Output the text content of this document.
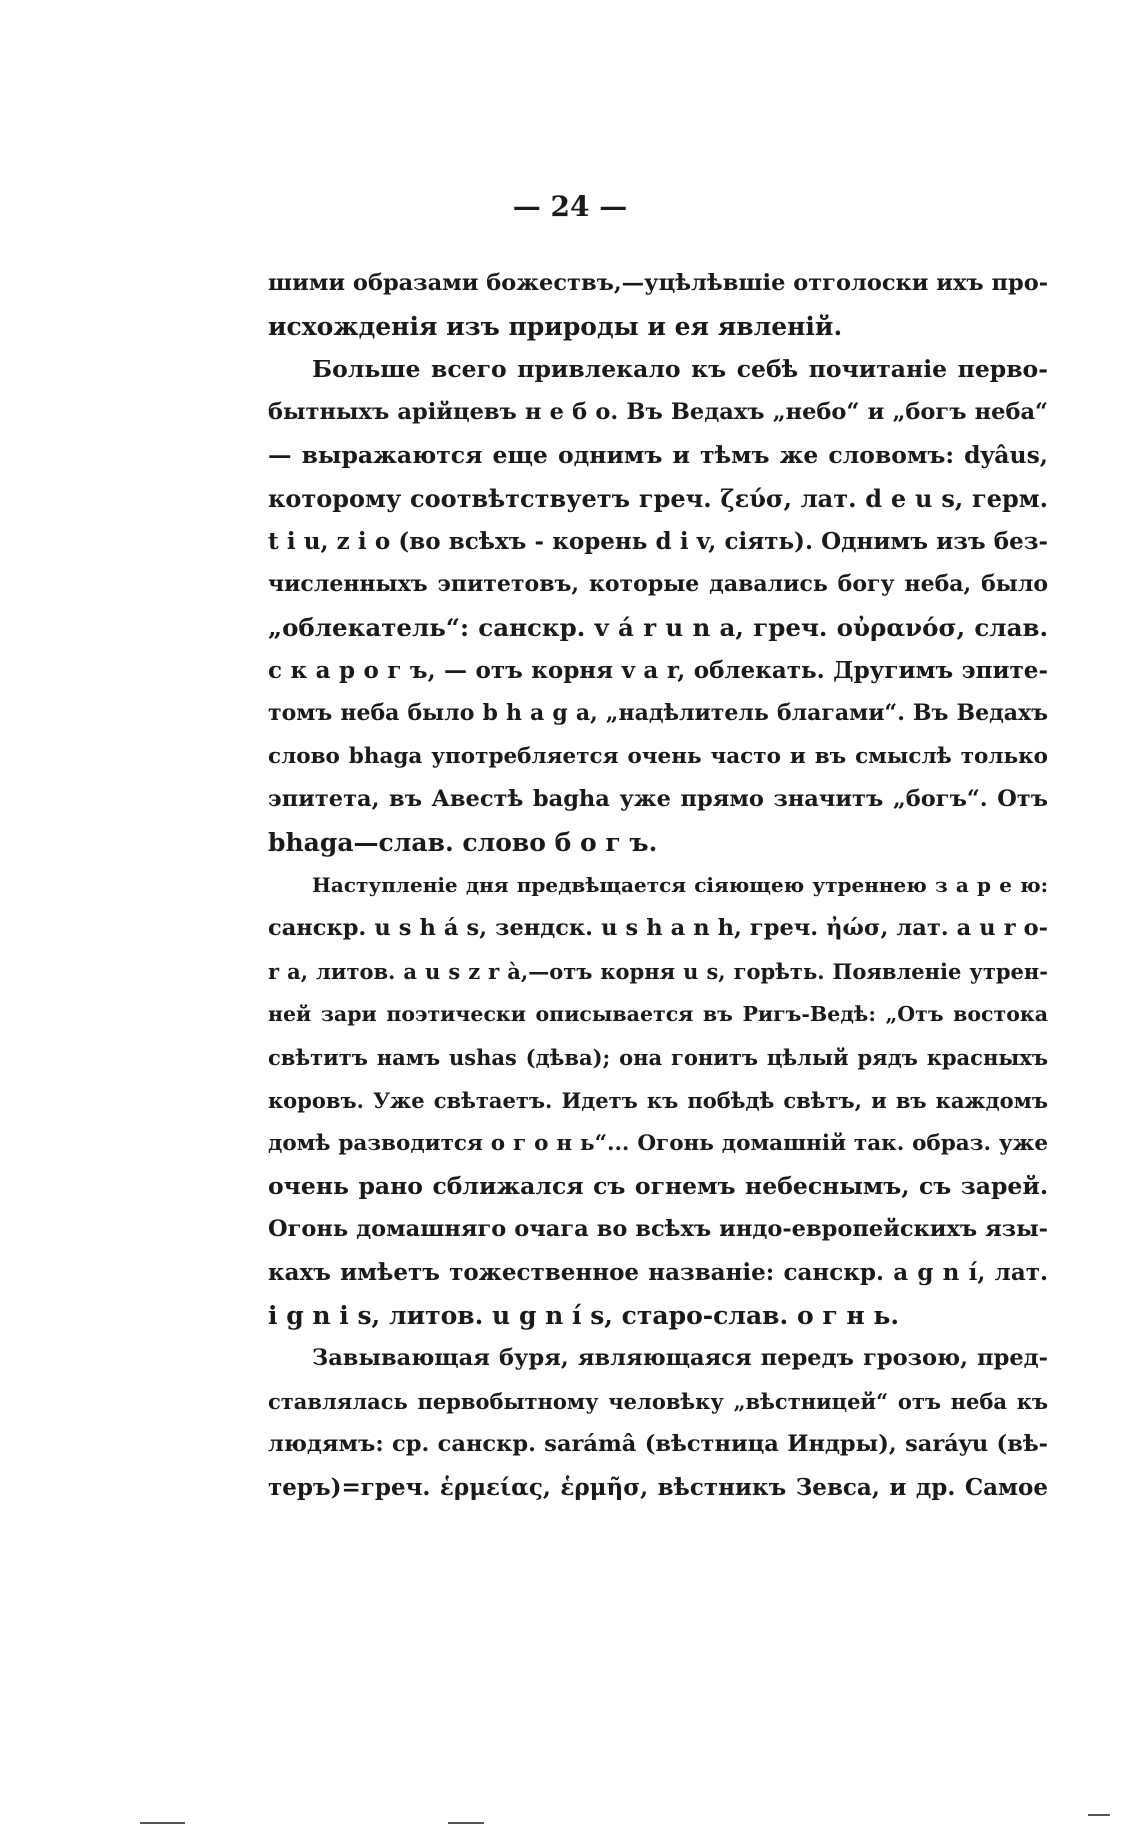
— 24 —
шими образами божествъ,—уцѣлѣвшіе отголоски ихъ про-
исхожденія изъ природы и ея явленій.
Больше всего привлекало къ себѣ почитаніе перво-
бытныхъ арійцевъ н е б о. Въ Ведахъ „небо“ и „богъ неба“
— выражаются еще однимъ и тѣмъ же словомъ: dyâus,
которому соотвѣтствуетъ греч. ζεύσ, лат. d e u s, герм.
t i u, z i o (во всѣхъ - корень d i v, сіять). Однимъ изъ без-
численныхъ эпитетовъ, которые давались богу неба, было
„облекатель“: санскр. v á r u n a, греч. οὐρανόσ, слав.
с к а р о г ъ, — отъ корня v a r, облекать. Другимъ эпите-
томъ неба было b h a g a, „надѣлитель благами“. Въ Ведахъ
слово bhaga употребляется очень часто и въ смыслѣ только
эпитета, въ Авестѣ bagha уже прямо значитъ „богъ“. Отъ
bhaga—слав. слово б о г ъ.
Наступленіе дня предвѣщается сіяющею утреннею з а р е ю:
санскр. u s h á s, зендск. u s h a n h, греч. ἠώσ, лат. a u r o-
r a, литов. a u s z r à,—отъ корня u s, горѣть. Появленіе утрен-
ней зари поэтически описывается въ Ригъ-Ведѣ: „Отъ востока
свѣтитъ намъ ushas (дѣва); она гонитъ цѣлый рядъ красныхъ
коровъ. Уже свѣтаетъ. Идетъ къ побѣдѣ свѣтъ, и въ каждомъ
домѣ разводится о г о н ь“... Огонь домашній так. образ. уже
очень рано сближался съ огнемъ небеснымъ, съ зарей.
Огонь домашняго очага во всѣхъ индо-европейскихъ язы-
кахъ имѣетъ тожественное названіе: санскр. a g n í, лат.
i g n i s, литов. u g n í s, старо-слав. о г н ь.
Завывающая буря, являющаяся передъ грозою, пред-
ставлялась первобытному человѣку „вѣстницей“ отъ неба къ
людямъ: ср. санскр. sarámâ (вѣстница Индры), saráyu (вѣ-
теръ)=греч. ἑρμείας, ἑρμῆσ, вѣстникъ Зевса, и др. Самое
